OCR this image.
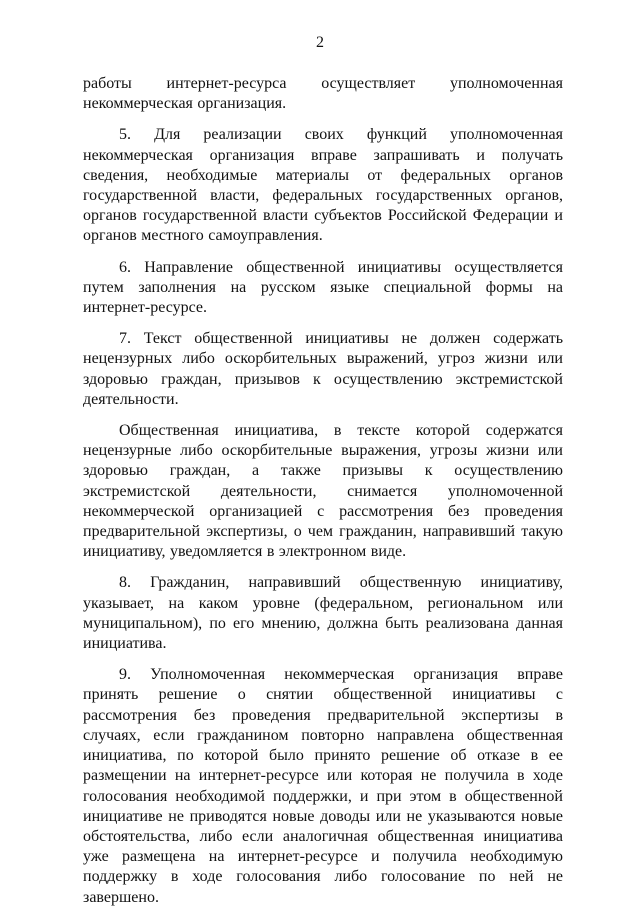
2

работы интернет-ресурса осуществляет уполномоченная некоммерческая организация.

5. Для реализации своих функций уполномоченная некоммерческая организация вправе запрашивать и получать сведения, необходимые материалы от федеральных органов государственной власти, федеральных государственных органов, органов государственной власти субъектов Российской Федерации и органов местного самоуправления.

6. Направление общественной инициативы осуществляется путем заполнения на русском языке специальной формы на интернет-ресурсе.

7. Текст общественной инициативы не должен содержать нецензурных либо оскорбительных выражений, угроз жизни или здоровью граждан, призывов к осуществлению экстремистской деятельности.

Общественная инициатива, в тексте которой содержатся нецензурные либо оскорбительные выражения, угрозы жизни или здоровью граждан, а также призывы к осуществлению экстремистской деятельности, снимается уполномоченной некоммерческой организацией с рассмотрения без проведения предварительной экспертизы, о чем гражданин, направивший такую инициативу, уведомляется в электронном виде.

8. Гражданин, направивший общественную инициативу, указывает, на каком уровне (федеральном, региональном или муниципальном), по его мнению, должна быть реализована данная инициатива.

9. Уполномоченная некоммерческая организация вправе принять решение о снятии общественной инициативы с рассмотрения без проведения предварительной экспертизы в случаях, если гражданином повторно направлена общественная инициатива, по которой было принято решение об отказе в ее размещении на интернет-ресурсе или которая не получила в ходе голосования необходимой поддержки, и при этом в общественной инициативе не приводятся новые доводы или не указываются новые обстоятельства, либо если аналогичная общественная инициатива уже размещена на интернет-ресурсе и получила необходимую поддержку в ходе голосования либо голосование по ней не завершено.
